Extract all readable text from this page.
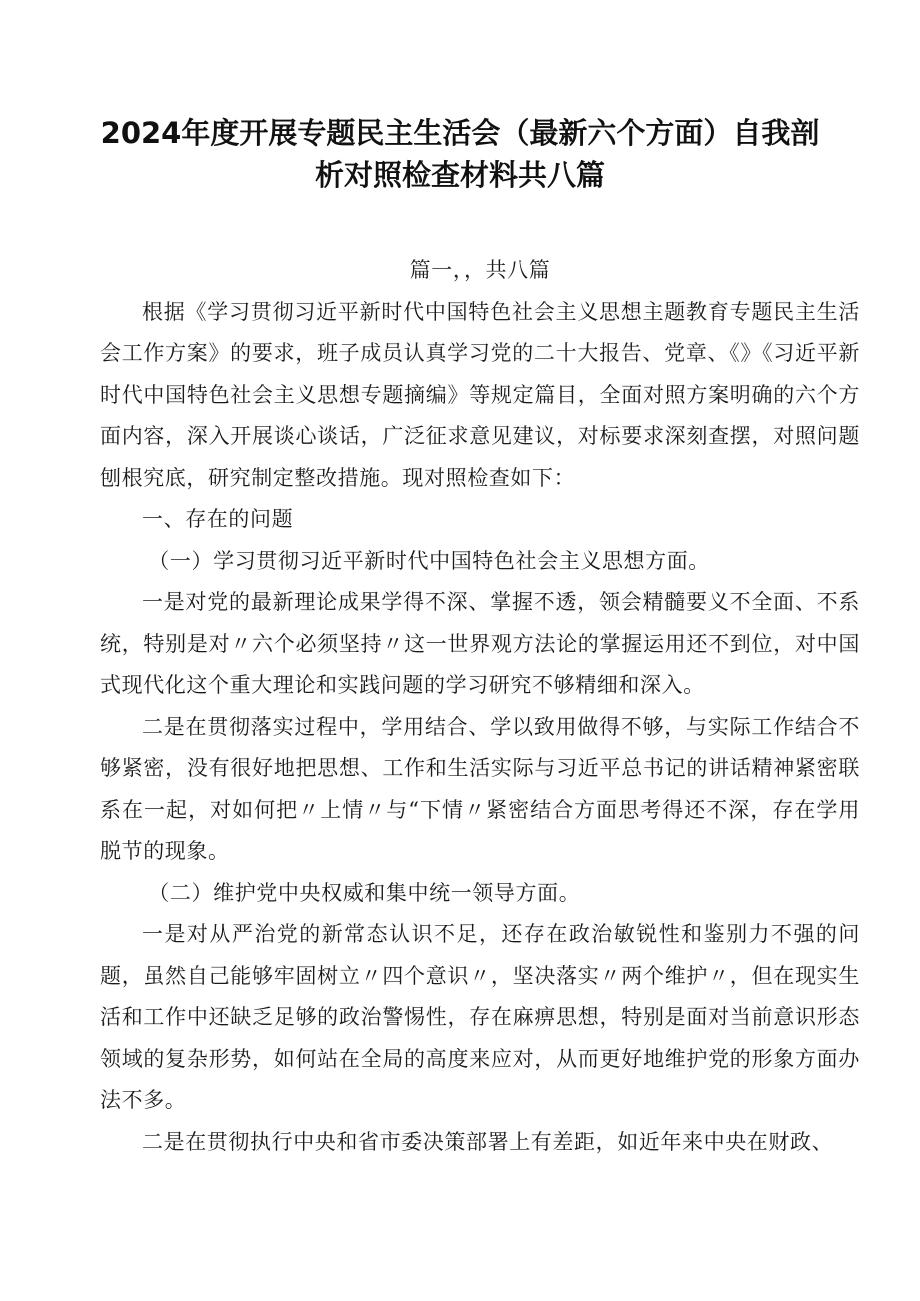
2024年度开展专题民主生活会（最新六个方面）自我剖
析对照检查材料共八篇

篇一，，共八篇

根据《学习贯彻习近平新时代中国特色社会主义思想主题教育专题民主生活会工作方案》的要求，班子成员认真学习党的二十大报告、党章、《》《习近平新时代中国特色社会主义思想专题摘编》等规定篇目，全面对照方案明确的六个方面内容，深入开展谈心谈话，广泛征求意见建议，对标要求深刻查摆，对照问题刨根究底，研究制定整改措施。现对照检查如下：

一、存在的问题

（一）学习贯彻习近平新时代中国特色社会主义思想方面。

一是对党的最新理论成果学得不深、掌握不透，领会精髓要义不全面、不系统，特别是对〃六个必须坚持〃这一世界观方法论的掌握运用还不到位，对中国式现代化这个重大理论和实践问题的学习研究不够精细和深入。

二是在贯彻落实过程中，学用结合、学以致用做得不够，与实际工作结合不够紧密，没有很好地把思想、工作和生活实际与习近平总书记的讲话精神紧密联系在一起，对如何把〃上情〃与“下情〃紧密结合方面思考得还不深，存在学用脱节的现象。

（二）维护党中央权威和集中统一领导方面。

一是对从严治党的新常态认识不足，还存在政治敏锐性和鉴别力不强的问题，虽然自己能够牢固树立〃四个意识〃，坚决落实〃两个维护〃，但在现实生活和工作中还缺乏足够的政治警惕性，存在麻痹思想，特别是面对当前意识形态领域的复杂形势，如何站在全局的高度来应对，从而更好地维护党的形象方面办法不多。

二是在贯彻执行中央和省市委决策部署上有差距，如近年来中央在财政、
